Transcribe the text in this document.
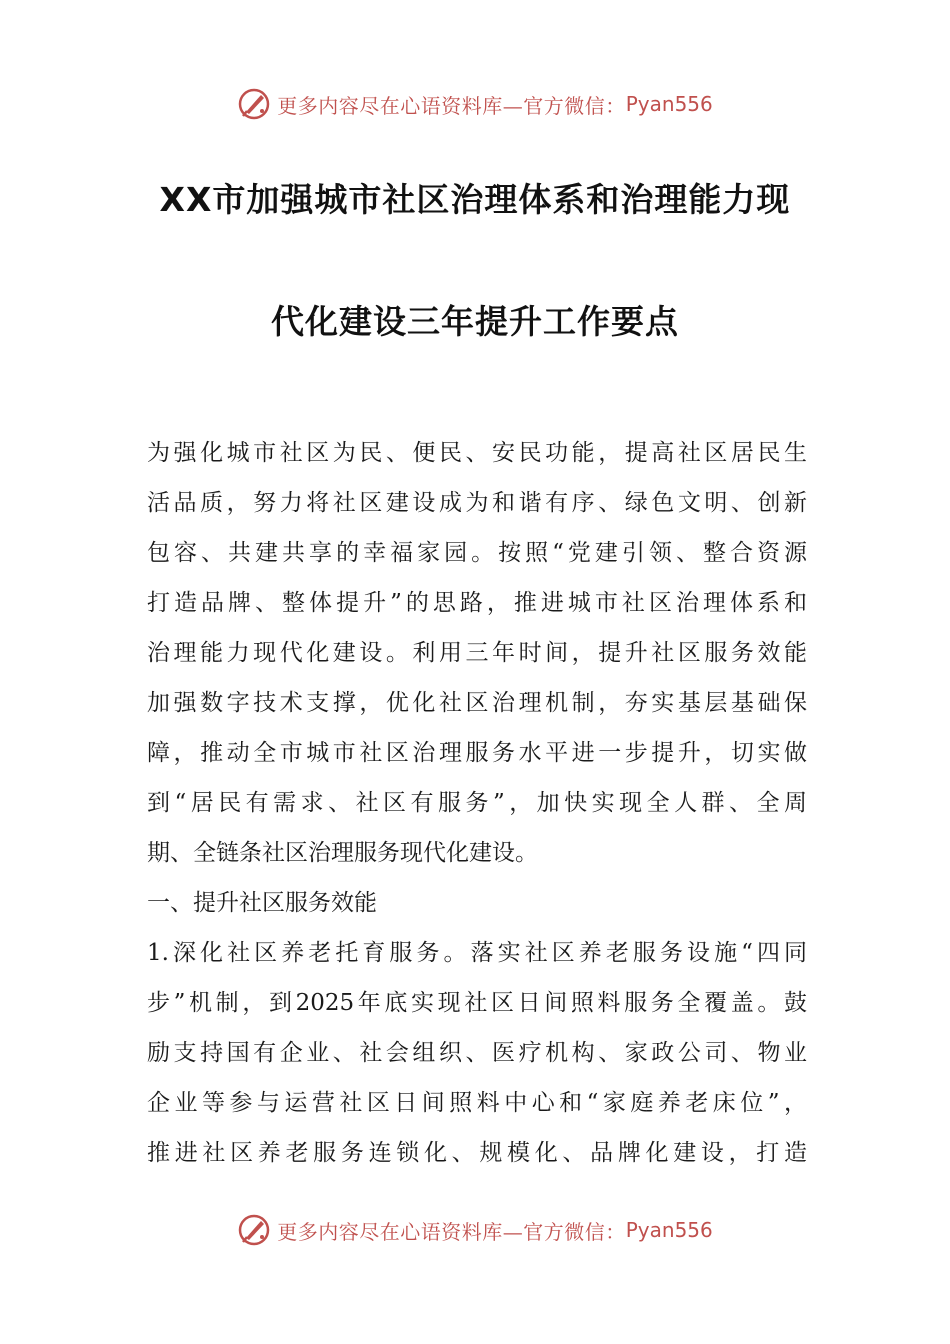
更多内容尽在心语资料库—官方微信： Pyan556
XX市加强城市社区治理体系和治理能力现
代化建设三年提升工作要点
为强化城市社区为民、便民、安民功能，提高社区居民生
活品质，努力将社区建设成为和谐有序、绿色文明、创新
包容、共建共享的幸福家园。按照“党建引领、整合资源
打造品牌、整体提升”的思路，推进城市社区治理体系和
治理能力现代化建设。利用三年时间，提升社区服务效能
加强数字技术支撑，优化社区治理机制，夯实基层基础保
障，推动全市城市社区治理服务水平进一步提升，切实做
到“居民有需求、社区有服务”，加快实现全人群、全周
期、全链条社区治理服务现代化建设。
一、提升社区服务效能
1.深化社区养老托育服务。落实社区养老服务设施“四同
步”机制，到2025年底实现社区日间照料服务全覆盖。鼓
励支持国有企业、社会组织、医疗机构、家政公司、物业
企业等参与运营社区日间照料中心和“家庭养老床位”，
推进社区养老服务连锁化、规模化、品牌化建设，打造
更多内容尽在心语资料库—官方微信： Pyan556
